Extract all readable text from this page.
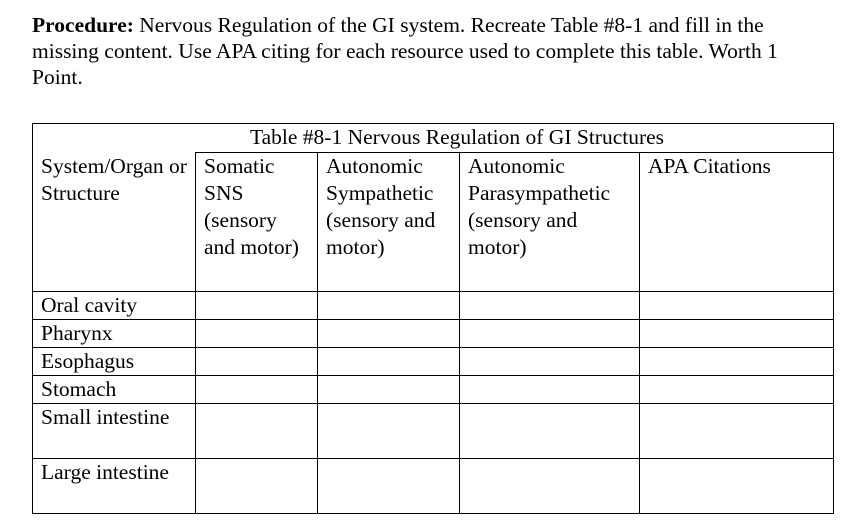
Procedure: Nervous Regulation of the GI system. Recreate Table #8-1 and fill in the missing content. Use APA citing for each resource used to complete this table. Worth 1 Point.

Table #8-1 Nervous Regulation of GI Structures				
System/Organ or Structure	Somatic SNS (sensory and motor)	Autonomic Sympathetic (sensory and motor)	Autonomic Parasympathetic (sensory and motor)	APA Citations
Oral cavity				
Pharynx				
Esophagus				
Stomach				
Small intestine				
Large intestine				
